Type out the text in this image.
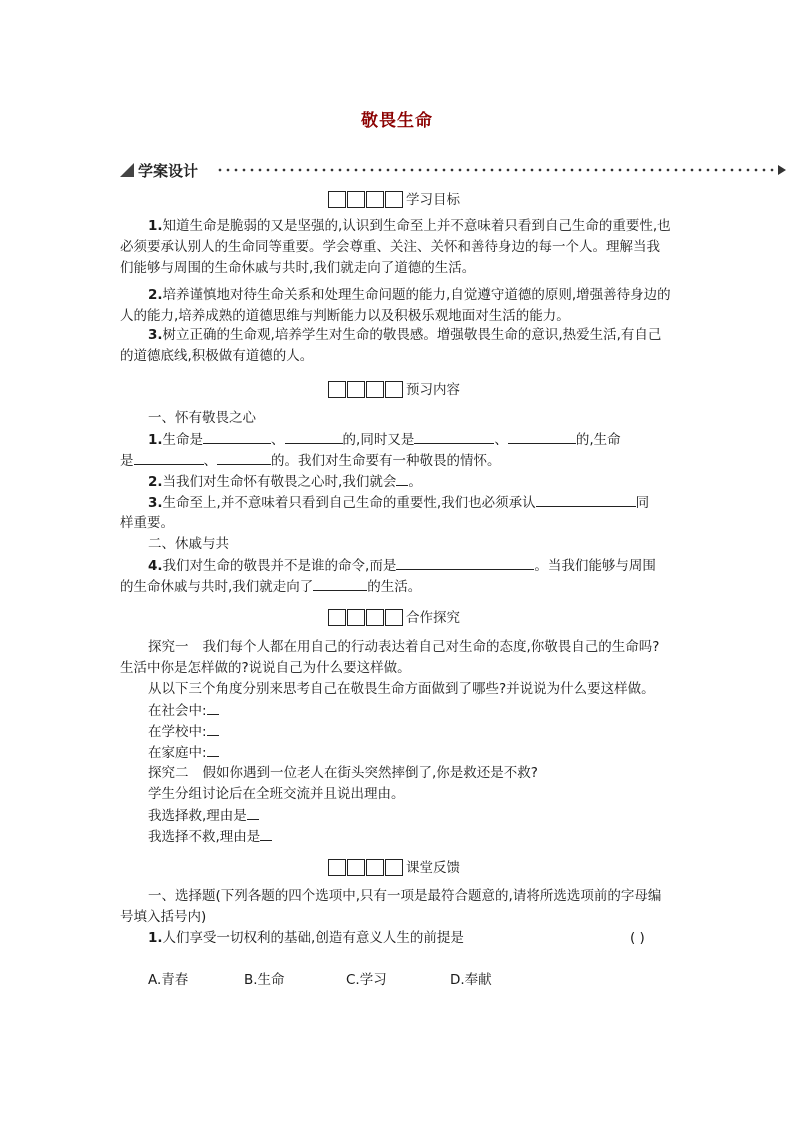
敬畏生命
学案设计
学习目标
1.知道生命是脆弱的又是坚强的,认识到生命至上并不意味着只看到自己生命的重要性,也必须要承认别人的生命同等重要。学会尊重、关注、关怀和善待身边的每一个人。理解当我们能够与周围的生命休戚与共时,我们就走向了道德的生活。
2.培养谨慎地对待生命关系和处理生命问题的能力,自觉遵守道德的原则,增强善待身边的人的能力,培养成熟的道德思维与判断能力以及积极乐观地面对生活的能力。
3.树立正确的生命观,培养学生对生命的敬畏感。增强敬畏生命的意识,热爱生活,有自己的道德底线,积极做有道德的人。
预习内容
一、怀有敬畏之心
1.生命是	、	的,同时又是	、	的,生命
是	、	的。我们对生命要有一种敬畏的情怀。
2.当我们对生命怀有敬畏之心时,我们就会 。
3.生命至上,并不意味着只看到自己生命的重要性,我们也必须承认	同
样重要。
二、休戚与共
4.我们对生命的敬畏并不是谁的命令,而是	。当我们能够与周围
的生命休戚与共时,我们就走向了	的生活。
合作探究
探究一 我们每个人都在用自己的行动表达着自己对生命的态度,你敬畏自己的生命吗?
生活中你是怎样做的?说说自己为什么要这样做。
从以下三个角度分别来思考自己在敬畏生命方面做到了哪些?并说说为什么要这样做。
在社会中:
在学校中:
在家庭中:
探究二 假如你遇到一位老人在街头突然摔倒了,你是救还是不救?
学生分组讨论后在全班交流并且说出理由。
我选择救,理由是
我选择不救,理由是
课堂反馈
一、选择题(下列各题的四个选项中,只有一项是最符合题意的,请将所选选项前的字母编号填入括号内)
1.人们享受一切权利的基础,创造有意义人生的前提是	( )
A.青春	B.生命	C.学习	D.奉献
